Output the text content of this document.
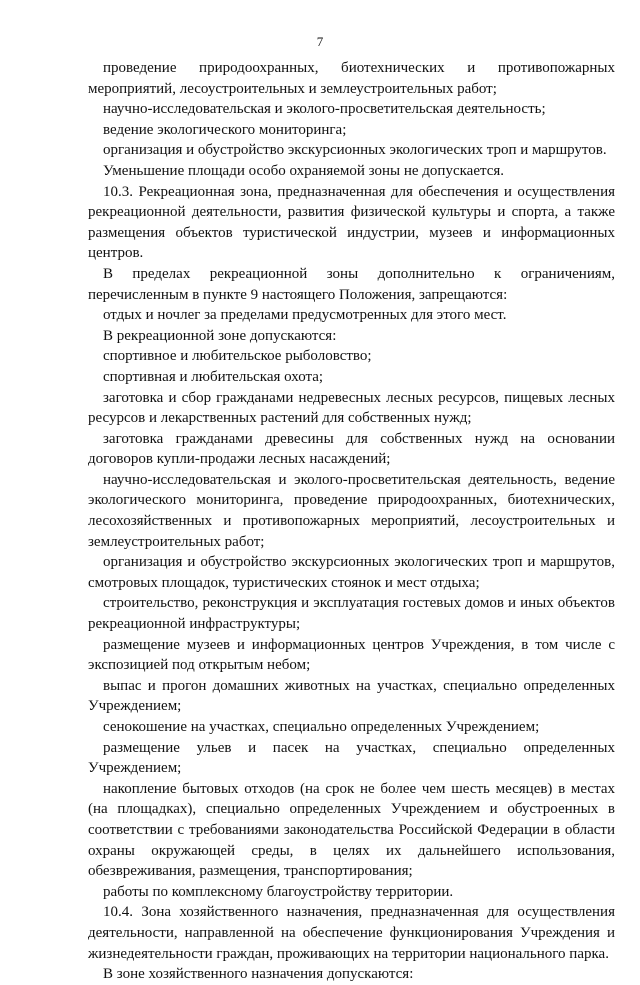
7

проведение природоохранных, биотехнических и противопожарных мероприятий, лесоустроительных и землеустроительных работ;

научно-исследовательская и эколого-просветительская деятельность;

ведение экологического мониторинга;

организация и обустройство экскурсионных экологических троп и маршрутов.

Уменьшение площади особо охраняемой зоны не допускается.

10.3. Рекреационная зона, предназначенная для обеспечения и осуществления рекреационной деятельности, развития физической культуры и спорта, а также размещения объектов туристической индустрии, музеев и информационных центров.

В пределах рекреационной зоны дополнительно к ограничениям, перечисленным в пункте 9 настоящего Положения, запрещаются:

отдых и ночлег за пределами предусмотренных для этого мест.

В рекреационной зоне допускаются:

спортивное и любительское рыболовство;

спортивная и любительская охота;

заготовка и сбор гражданами недревесных лесных ресурсов, пищевых лесных ресурсов и лекарственных растений для собственных нужд;

заготовка гражданами древесины для собственных нужд на основании договоров купли-продажи лесных насаждений;

научно-исследовательская и эколого-просветительская деятельность, ведение экологического мониторинга, проведение природоохранных, биотехнических, лесохозяйственных и противопожарных мероприятий, лесоустроительных и землеустроительных работ;

организация и обустройство экскурсионных экологических троп и маршрутов, смотровых площадок, туристических стоянок и мест отдыха;

строительство, реконструкция и эксплуатация гостевых домов и иных объектов рекреационной инфраструктуры;

размещение музеев и информационных центров Учреждения, в том числе с экспозицией под открытым небом;

выпас и прогон домашних животных на участках, специально определенных Учреждением;

сенокошение на участках, специально определенных Учреждением;

размещение ульев и пасек на участках, специально определенных Учреждением;

накопление бытовых отходов (на срок не более чем шесть месяцев) в местах (на площадках), специально определенных Учреждением и обустроенных в соответствии с требованиями законодательства Российской Федерации в области охраны окружающей среды, в целях их дальнейшего использования, обезвреживания, размещения, транспортирования;

работы по комплексному благоустройству территории.

10.4. Зона хозяйственного назначения, предназначенная для осуществления деятельности, направленной на обеспечение функционирования Учреждения и жизнедеятельности граждан, проживающих на территории национального парка.

В зоне хозяйственного назначения допускаются:
